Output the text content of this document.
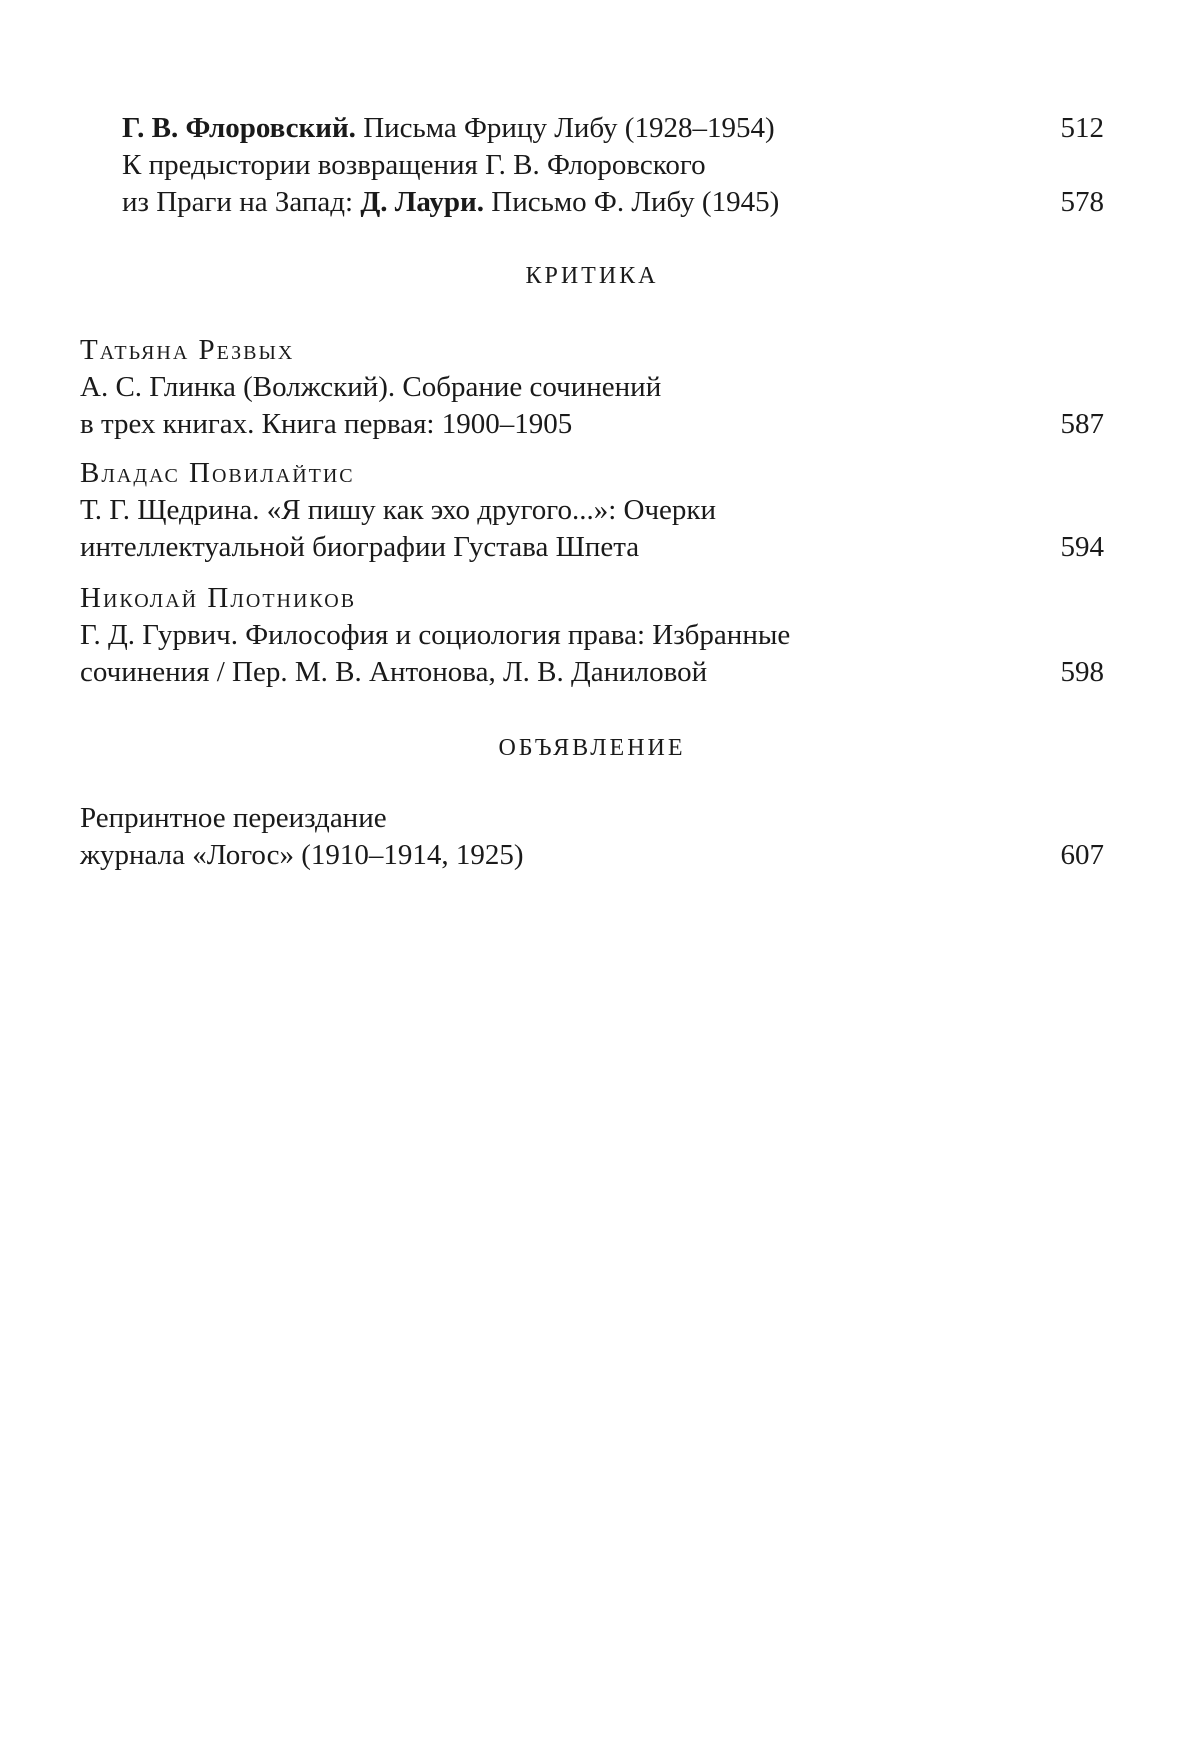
Г. В. Флоровский. Письма Фрицу Либу (1928–1954)	512
К предыстории возвращения Г. В. Флоровского
из Праги на Запад: Д. Лаури. Письмо Ф. Либу (1945)	578
КРИТИКА
Татьяна Резвых
А. С. Глинка (Волжский). Собрание сочинений
в трех книгах. Книга первая: 1900–1905	587
Владас Повилайтис
Т. Г. Щедрина. «Я пишу как эхо другого...»: Очерки
интеллектуальной биографии Густава Шпета	594
Николай Плотников
Г. Д. Гурвич. Философия и социология права: Избранные
сочинения / Пер. М. В. Антонова, Л. В. Даниловой	598
ОБЪЯВЛЕНИЕ
Репринтное переиздание
журнала «Логос» (1910–1914, 1925)	607
